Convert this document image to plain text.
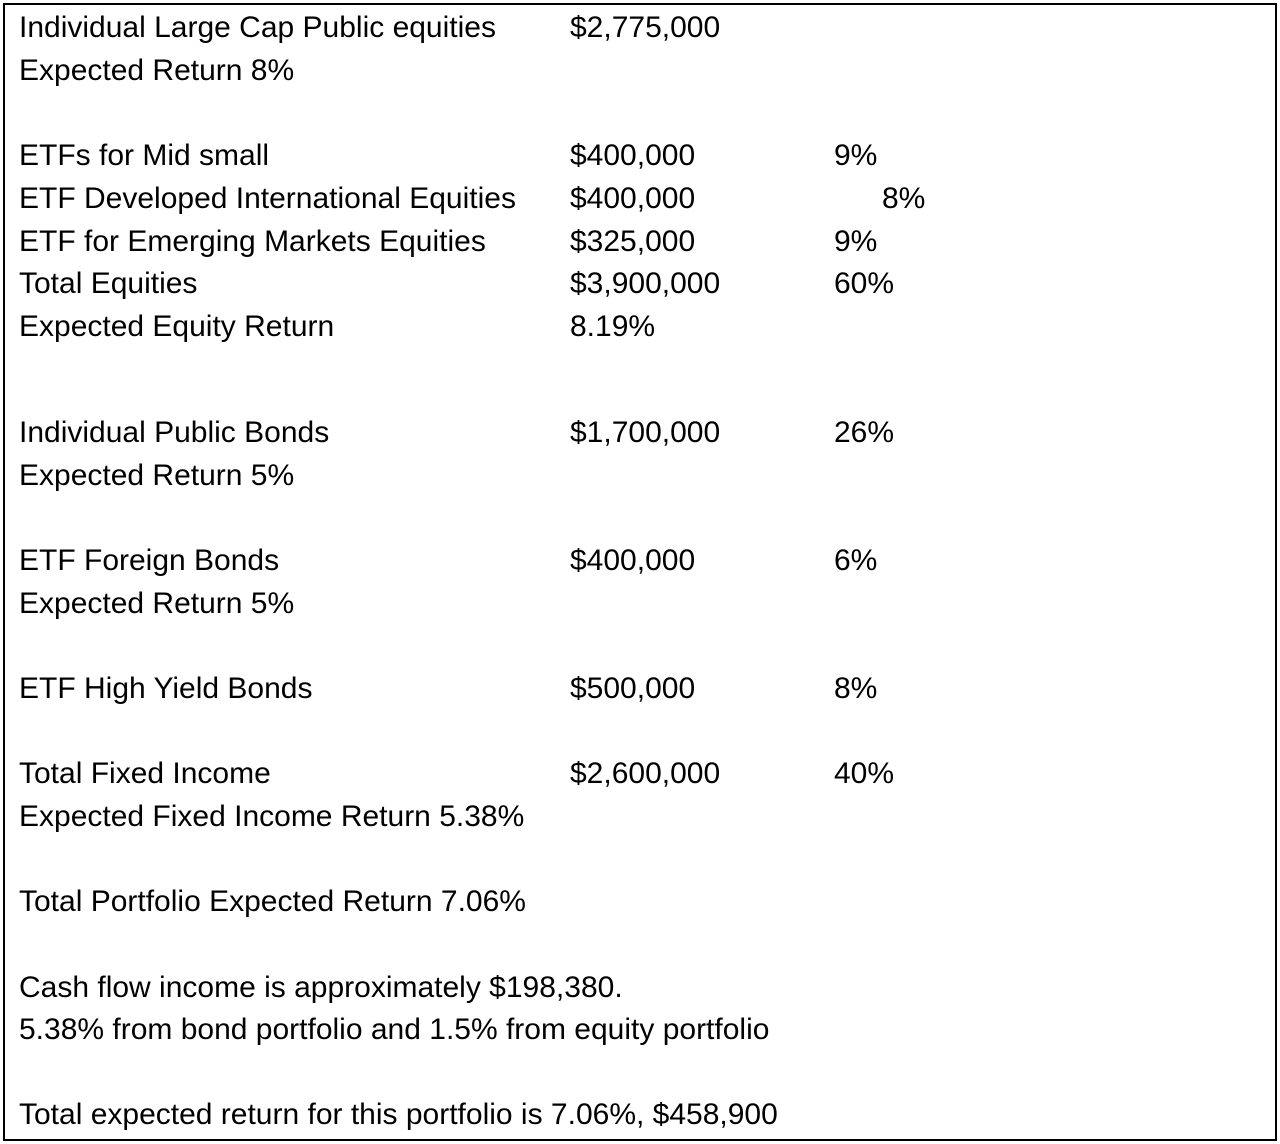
Individual Large Cap Public equities $2,775,000
Expected Return 8%
ETFs for Mid small	$400,000	9%
ETF Developed International Equities $400,000	8%
ETF for Emerging Markets Equities	$325,000	9%
Total Equities	$3,900,000	60%
Expected Equity Return	8.19%
Individual Public Bonds	$1,700,000	26%
Expected Return 5%
ETF Foreign Bonds	$400,000	6%
Expected Return 5%
ETF High Yield Bonds	$500,000	8%
Total Fixed Income	$2,600,000	40%
Expected Fixed Income Return 5.38%
Total Portfolio Expected Return 7.06%
Cash flow income is approximately $198,380.
5.38% from bond portfolio and 1.5% from equity portfolio
Total expected return for this portfolio is 7.06%, $458,900
